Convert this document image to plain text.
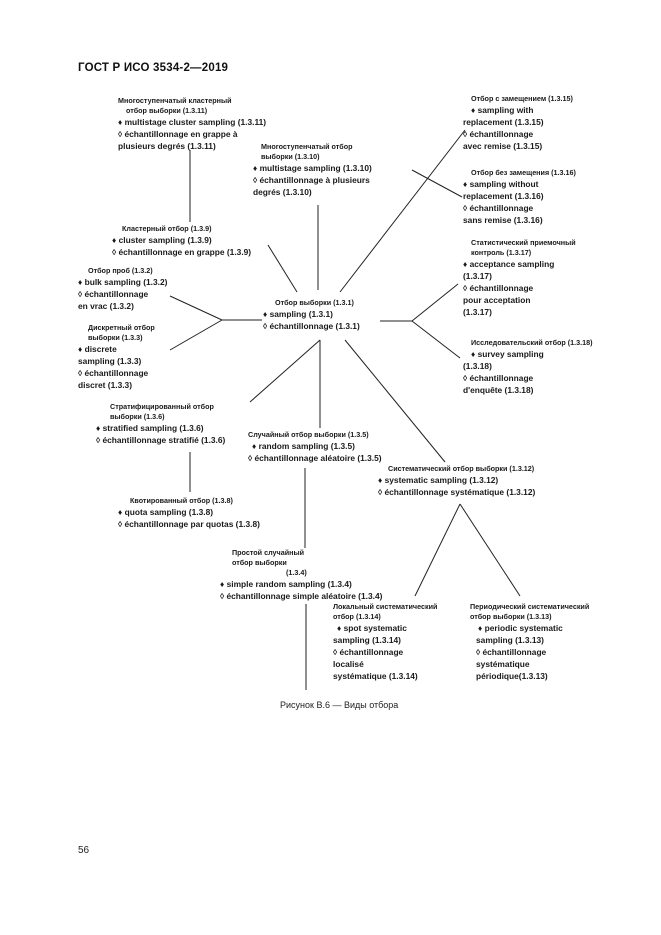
ГОСТ Р ИСО 3534-2—2019
Многоступенчатый кластерный
отбор выборки (1.3.11)
♦ multistage cluster sampling (1.3.11)
◊ échantillonnage en grappe à
plusieurs degrés (1.3.11)	Многоступенчатый отбор
выборки (1.3.10)
♦ multistage sampling (1.3.10)
◊ échantillonnage à plusieurs
degrés (1.3.10)
Отбор с замещением (1.3.15)
♦ sampling with
replacement (1.3.15)
◊ échantillonnage
avec remise (1.3.15)
Отбор без замещения (1.3.16)
♦ sampling without
replacement (1.3.16)
◊ échantillonnage
sans remise (1.3.16)
Кластерный отбор (1.3.9)
♦ cluster sampling (1.3.9)
◊ échantillonnage en grappe (1.3.9)
Отбор проб (1.3.2)
♦ bulk sampling (1.3.2)
◊ échantillonnage
en vrac (1.3.2)
Статистический приемочный
контроль (1.3.17)
♦ acceptance sampling
(1.3.17)
◊ échantillonnage
pour acceptation
(1.3.17)
Отбор выборки (1.3.1)
♦ sampling (1.3.1)
◊ échantillonnage (1.3.1)
Дискретный отбор
выборки (1.3.3)
♦ discrete
sampling (1.3.3)
◊ échantillonnage
discret (1.3.3)
Исследовательский отбор (1.3.18)
♦ survey sampling
(1.3.18)
◊ échantillonnage
d'enquête (1.3.18)
Стратифицированный отбор
выборки (1.3.6)
♦ stratified sampling (1.3.6)
◊ échantillonnage stratifié (1.3.6)
Случайный отбор выборки (1.3.5)
♦ random sampling (1.3.5)
◊ échantillonnage aléatoire (1.3.5)
Систематический отбор выборки (1.3.12)
♦ systematic sampling (1.3.12)
◊ échantillonnage systématique (1.3.12)
Квотированный отбор (1.3.8)
♦ quota sampling (1.3.8)
◊ échantillonnage par quotas (1.3.8)
Простой случайный
отбор выборки
(1.3.4)
♦ simple random sampling (1.3.4)
◊ échantillonnage simple aléatoire (1.3.4)
Локальный систематический
отбор (1.3.14)
♦ spot systematic
sampling (1.3.14)
◊ échantillonnage
localisé
systématique (1.3.14)
Периодический систематический
отбор выборки (1.3.13)
♦ periodic systematic
sampling (1.3.13)
◊ échantillonnage
systématique
périodique(1.3.13)
Рисунок В.6 — Виды отбора
56
